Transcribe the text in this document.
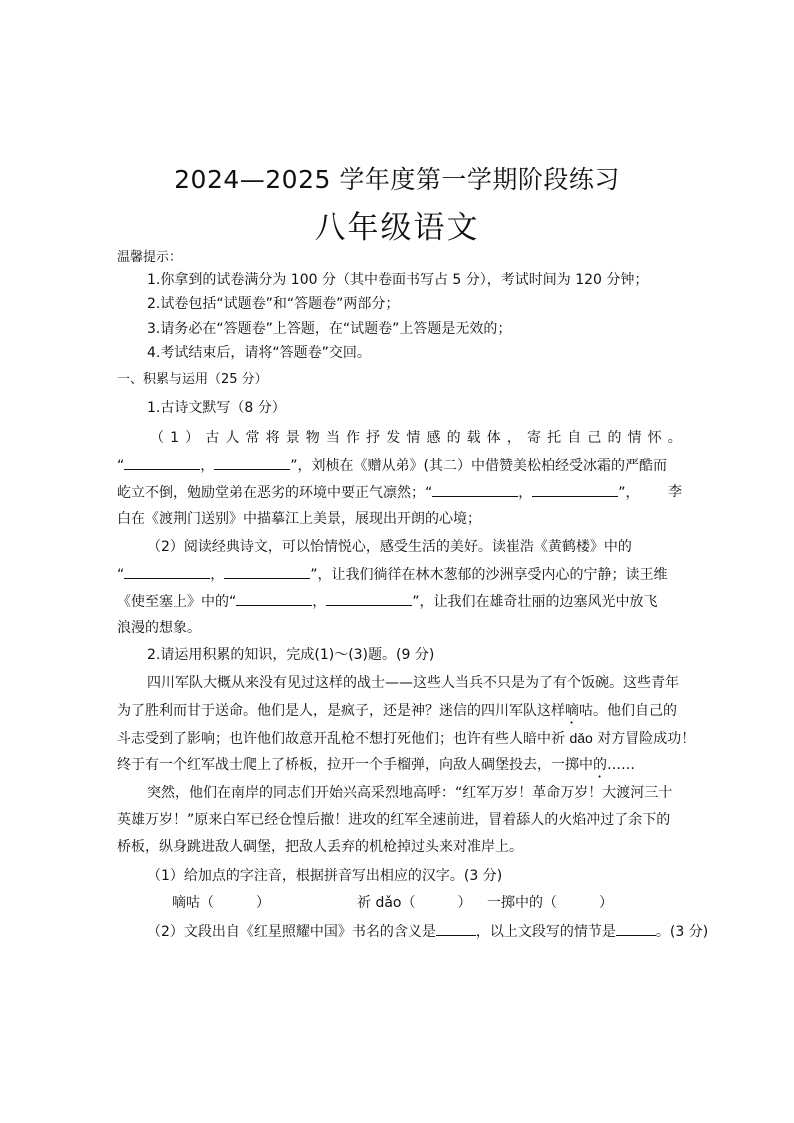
2024—2025 学年度第一学期阶段练习
八年级语文
温馨提示：
1.你拿到的试卷满分为 100 分（其中卷面书写占 5 分），考试时间为 120 分钟；
2.试卷包括“试题卷”和“答题卷”两部分；
3.请务必在“答题卷”上答题，在“试题卷”上答题是无效的；
4.考试结束后，请将“答题卷”交回。
一、积累与运用（25 分）
1.古诗文默写（8 分）
（ 1 ） 古 人 常 将 景 物 当 作 抒 发 情 感 的 载 体 ， 寄 托 自 己 的 情 怀 。
“	，	”，刘桢在《赠从弟》(其二）中借赞美松柏经受冰霜的严酷而
屹立不倒，勉励堂弟在恶劣的环境中要正气凛然；“	，	”， 李
白在《渡荆门送别》中描摹江上美景，展现出开朗的心境；
（2）阅读经典诗文，可以怡情悦心，感受生活的美好。读崔浩《黄鹤楼》中的
“	，	”，让我们徜徉在林木葱郁的沙洲享受内心的宁静；读王维
《使至塞上》中的“	，	”，让我们在雄奇壮丽的边塞风光中放飞
浪漫的想象。
2.请运用积累的知识，完成(1)～(3)题。(9 分)
四川军队大概从来没有见过这样的战士——这些人当兵不只是为了有个饭碗。这些青年
为了胜利而甘于送命。他们是人，是疯子，还是神？迷信的四川军队这样嘀咕。他们自己的
斗志受到了影响；也许他们故意开乱枪不想打死他们；也许有些人暗中祈 dǎo 对方冒险成功！
终于有一个红军战士爬上了桥板，拉开一个手榴弹，向敌人碉堡投去，一掷中的……
突然，他们在南岸的同志们开始兴高采烈地高呼：“红军万岁！革命万岁！大渡河三十
英雄万岁！”原来白军已经仓惶后撤！进攻的红军全速前进，冒着舔人的火焰冲过了余下的
桥板，纵身跳进敌人碉堡，把敌人丢弃的机枪掉过头来对准岸上。
（1）给加点的字注音，根据拼音写出相应的汉字。(3 分)
嘀咕（　　　）	祈 dǎo（　　　） 一掷中的（　　　）
（2）文段出自《红星照耀中国》书名的含义是	，以上文段写的情节是	。(3 分)
